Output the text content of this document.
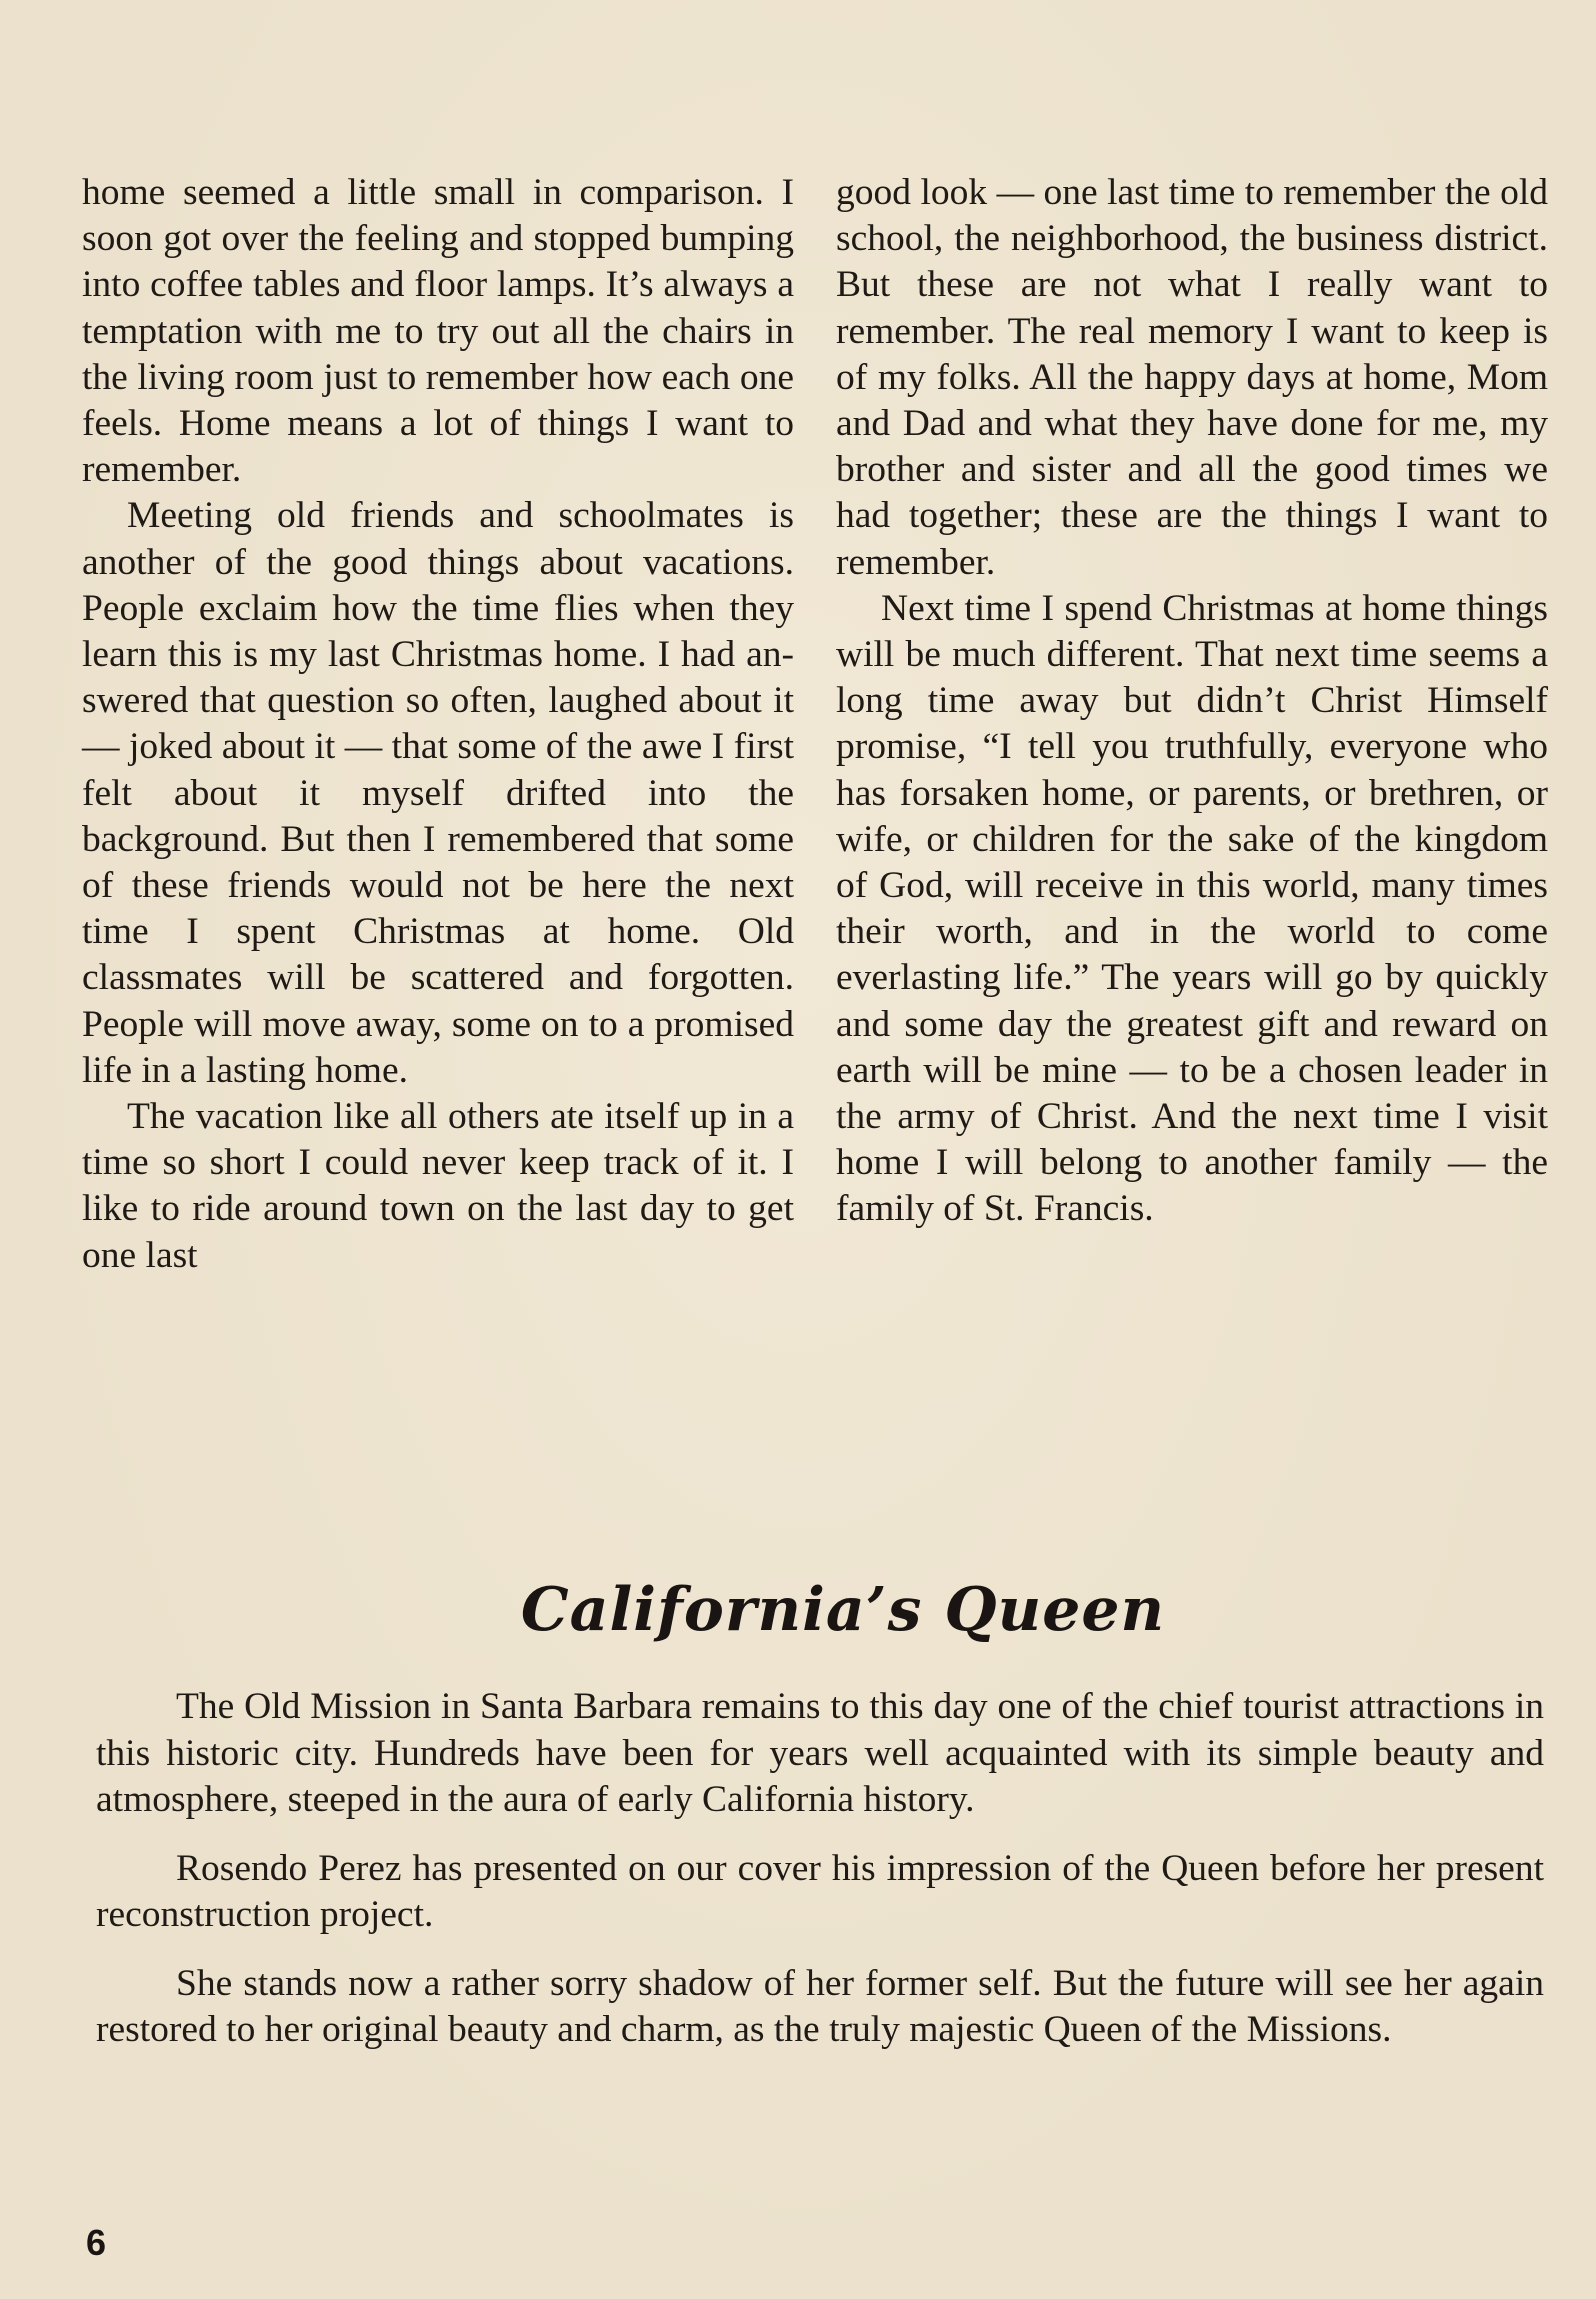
home seemed a little small in comparison. I soon got over the feeling and stopped bumping into coffee tables and floor lamps. It’s always a temptation with me to try out all the chairs in the living room just to remember how each one feels. Home means a lot of things I want to remember.

Meeting old friends and schoolmates is another of the good things about vacations. People exclaim how the time flies when they learn this is my last Christmas home. I had answered that question so often, laughed about it — joked about it — that some of the awe I first felt about it myself drifted into the background. But then I remembered that some of these friends would not be here the next time I spent Christmas at home. Old classmates will be scattered and forgotten. People will move away, some on to a promised life in a lasting home.

The vacation like all others ate itself up in a time so short I could never keep track of it. I like to ride around town on the last day to get one last

good look — one last time to remember the old school, the neighborhood, the business district. But these are not what I really want to remember. The real memory I want to keep is of my folks. All the happy days at home, Mom and Dad and what they have done for me, my brother and sister and all the good times we had together; these are the things I want to remember.

Next time I spend Christmas at home things will be much different. That next time seems a long time away but didn’t Christ Himself promise, “I tell you truthfully, everyone who has forsaken home, or parents, or brethren, or wife, or children for the sake of the kingdom of God, will receive in this world, many times their worth, and in the world to come everlasting life.” The years will go by quickly and some day the greatest gift and reward on earth will be mine — to be a chosen leader in the army of Christ. And the next time I visit home I will belong to another family — the family of St. Francis.

California’s Queen

The Old Mission in Santa Barbara remains to this day one of the chief tourist attractions in this historic city. Hundreds have been for years well acquainted with its simple beauty and atmosphere, steeped in the aura of early California history.

Rosendo Perez has presented on our cover his impression of the Queen before her present reconstruction project.

She stands now a rather sorry shadow of her former self. But the future will see her again restored to her original beauty and charm, as the truly majestic Queen of the Missions.

6
